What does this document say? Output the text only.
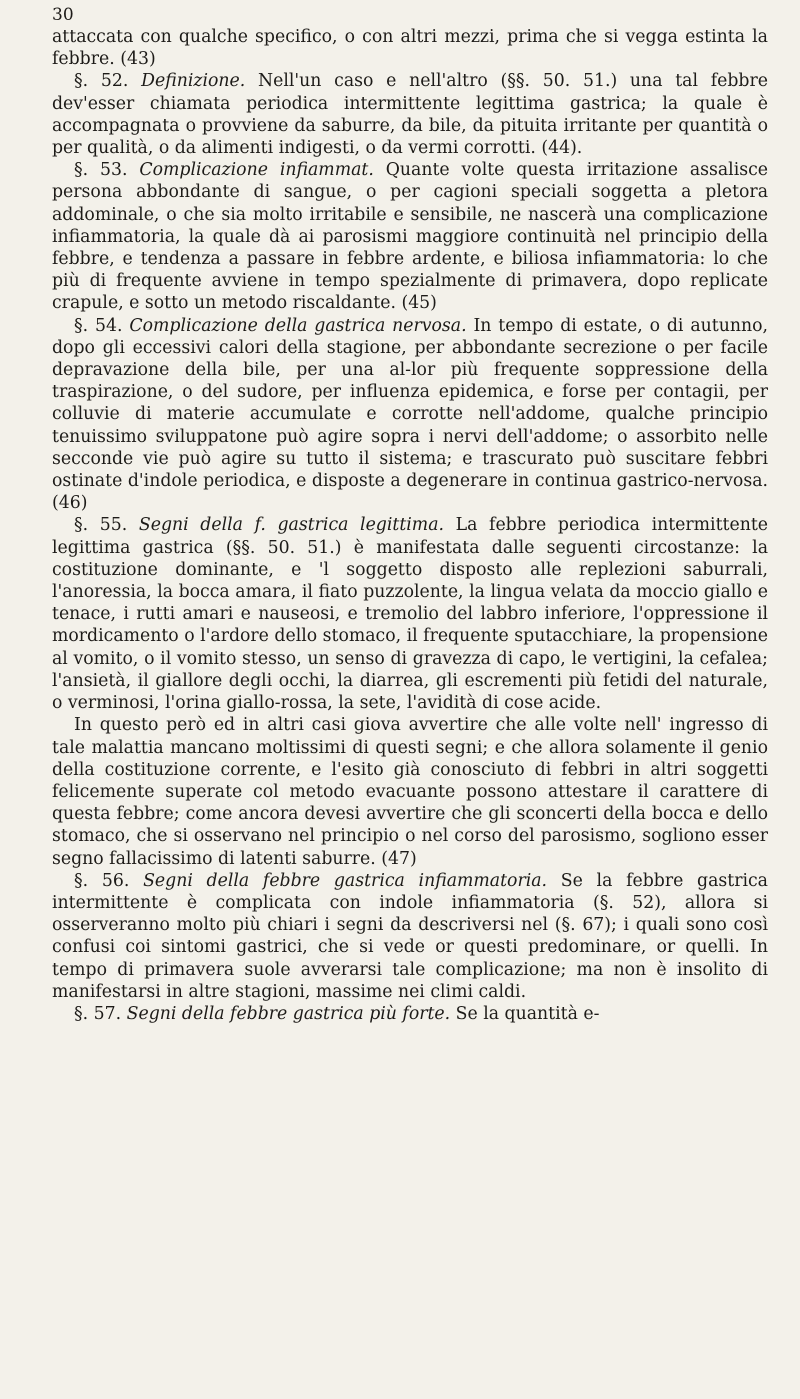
30

attaccata con qualche specifico, o con altri mezzi, prima che si vegga estinta la febbre. (43)

§. 52. Definizione. Nell'un caso e nell'altro (§§. 50. 51.) una tal febbre dev'esser chiamata periodica intermittente legittima gastrica; la quale è accompagnata o provviene da saburre, da bile, da pituita irritante per quantità o per qualità, o da alimenti indigesti, o da vermi corrotti. (44).

§. 53. Complicazione infiammat. Quante volte questa irritazione assalisce persona abbondante di sangue, o per cagioni speciali soggetta a pletora addominale, o che sia molto irritabile e sensibile, ne nascerà una complicazione infiammatoria, la quale dà ai parosismi maggiore continuità nel principio della febbre, e tendenza a passare in febbre ardente, e biliosa infiammatoria: lo che più di frequente avviene in tempo spezialmente di primavera, dopo replicate crapule, e sotto un metodo riscaldante. (45)

§. 54. Complicazione della gastrica nervosa. In tempo di estate, o di autunno, dopo gli eccessivi calori della stagione, per abbondante secrezione o per facile depravazione della bile, per una al-lor più frequente soppressione della traspirazione, o del sudore, per influenza epidemica, e forse per contagii, per colluvie di materie accumulate e corrotte nell'addome, qualche principio tenuissimo sviluppatone può agire sopra i nervi dell'addome; o assorbito nelle secconde vie può agire su tutto il sistema; e trascurato può suscitare febbri ostinate d'indole periodica, e disposte a degenerare in continua gastrico-nervosa. (46)

§. 55. Segni della f. gastrica legittima. La febbre periodica intermittente legittima gastrica (§§. 50. 51.) è manifestata dalle seguenti circostanze: la costituzione dominante, e 'l soggetto disposto alle replezioni saburrali, l'anoressia, la bocca amara, il fiato puzzolente, la lingua velata da moccio giallo e tenace, i rutti amari e nauseosi, e tremolio del labbro inferiore, l'oppressione il mordicamento o l'ardore dello stomaco, il frequente sputacchiare, la propensione al vomito, o il vomito stesso, un senso di gravezza di capo, le vertigini, la cefalea; l'ansietà, il giallore degli occhi, la diarrea, gli escrementi più fetidi del naturale, o verminosi, l'orina giallo-rossa, la sete, l'avidità di cose acide.

In questo però ed in altri casi giova avvertire che alle volte nell' ingresso di tale malattia mancano moltissimi di questi segni; e che allora solamente il genio della costituzione corrente, e l'esito già conosciuto di febbri in altri soggetti felicemente superate col metodo evacuante possono attestare il carattere di questa febbre; come ancora devesi avvertire che gli sconcerti della bocca e dello stomaco, che si osservano nel principio o nel corso del parosismo, sogliono esser segno fallacissimo di latenti saburre. (47)

§. 56. Segni della febbre gastrica infiammatoria. Se la febbre gastrica intermittente è complicata con indole infiammatoria (§. 52), allora si osserveranno molto più chiari i segni da descriversi nel (§. 67); i quali sono così confusi coi sintomi gastrici, che si vede or questi predominare, or quelli. In tempo di primavera suole avverarsi tale complicazione; ma non è insolito di manifestarsi in altre stagioni, massime nei climi caldi.

§. 57. Segni della febbre gastrica più forte. Se la quantità e-
